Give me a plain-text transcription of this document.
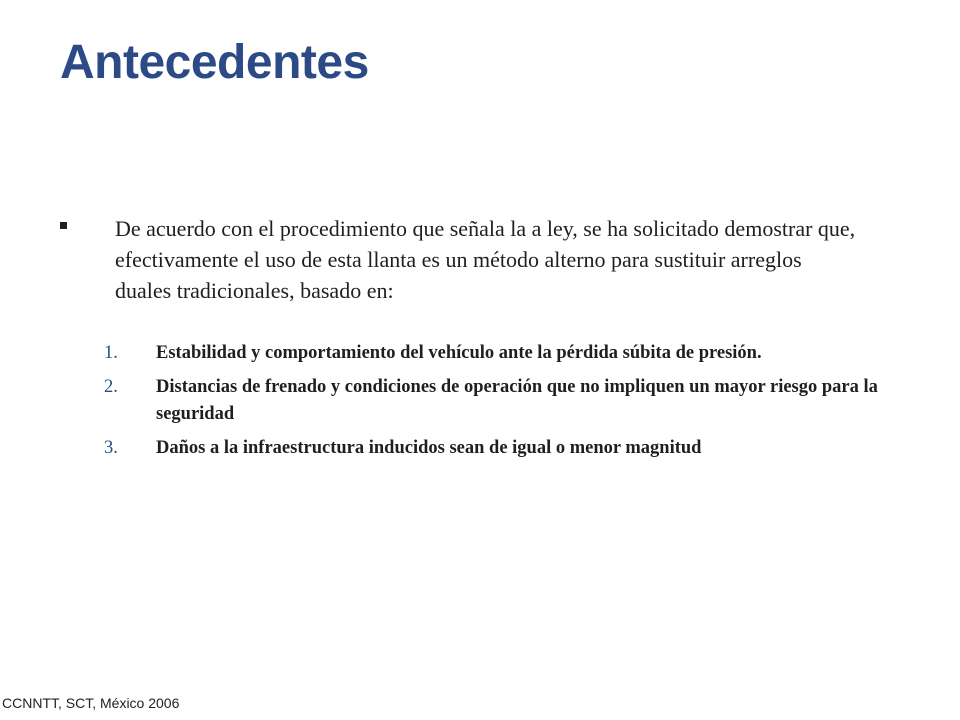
Antecedentes
De acuerdo con el procedimiento que señala la a ley, se ha solicitado demostrar que, efectivamente el uso de esta llanta es un método alterno para sustituir arreglos duales tradicionales, basado en:
1. Estabilidad y comportamiento del vehículo ante la pérdida súbita de presión.
2. Distancias de frenado y condiciones de operación que no impliquen un mayor riesgo para la seguridad
3. Daños a la infraestructura inducidos sean de igual o menor magnitud
CCNNTT, SCT, México 2006
